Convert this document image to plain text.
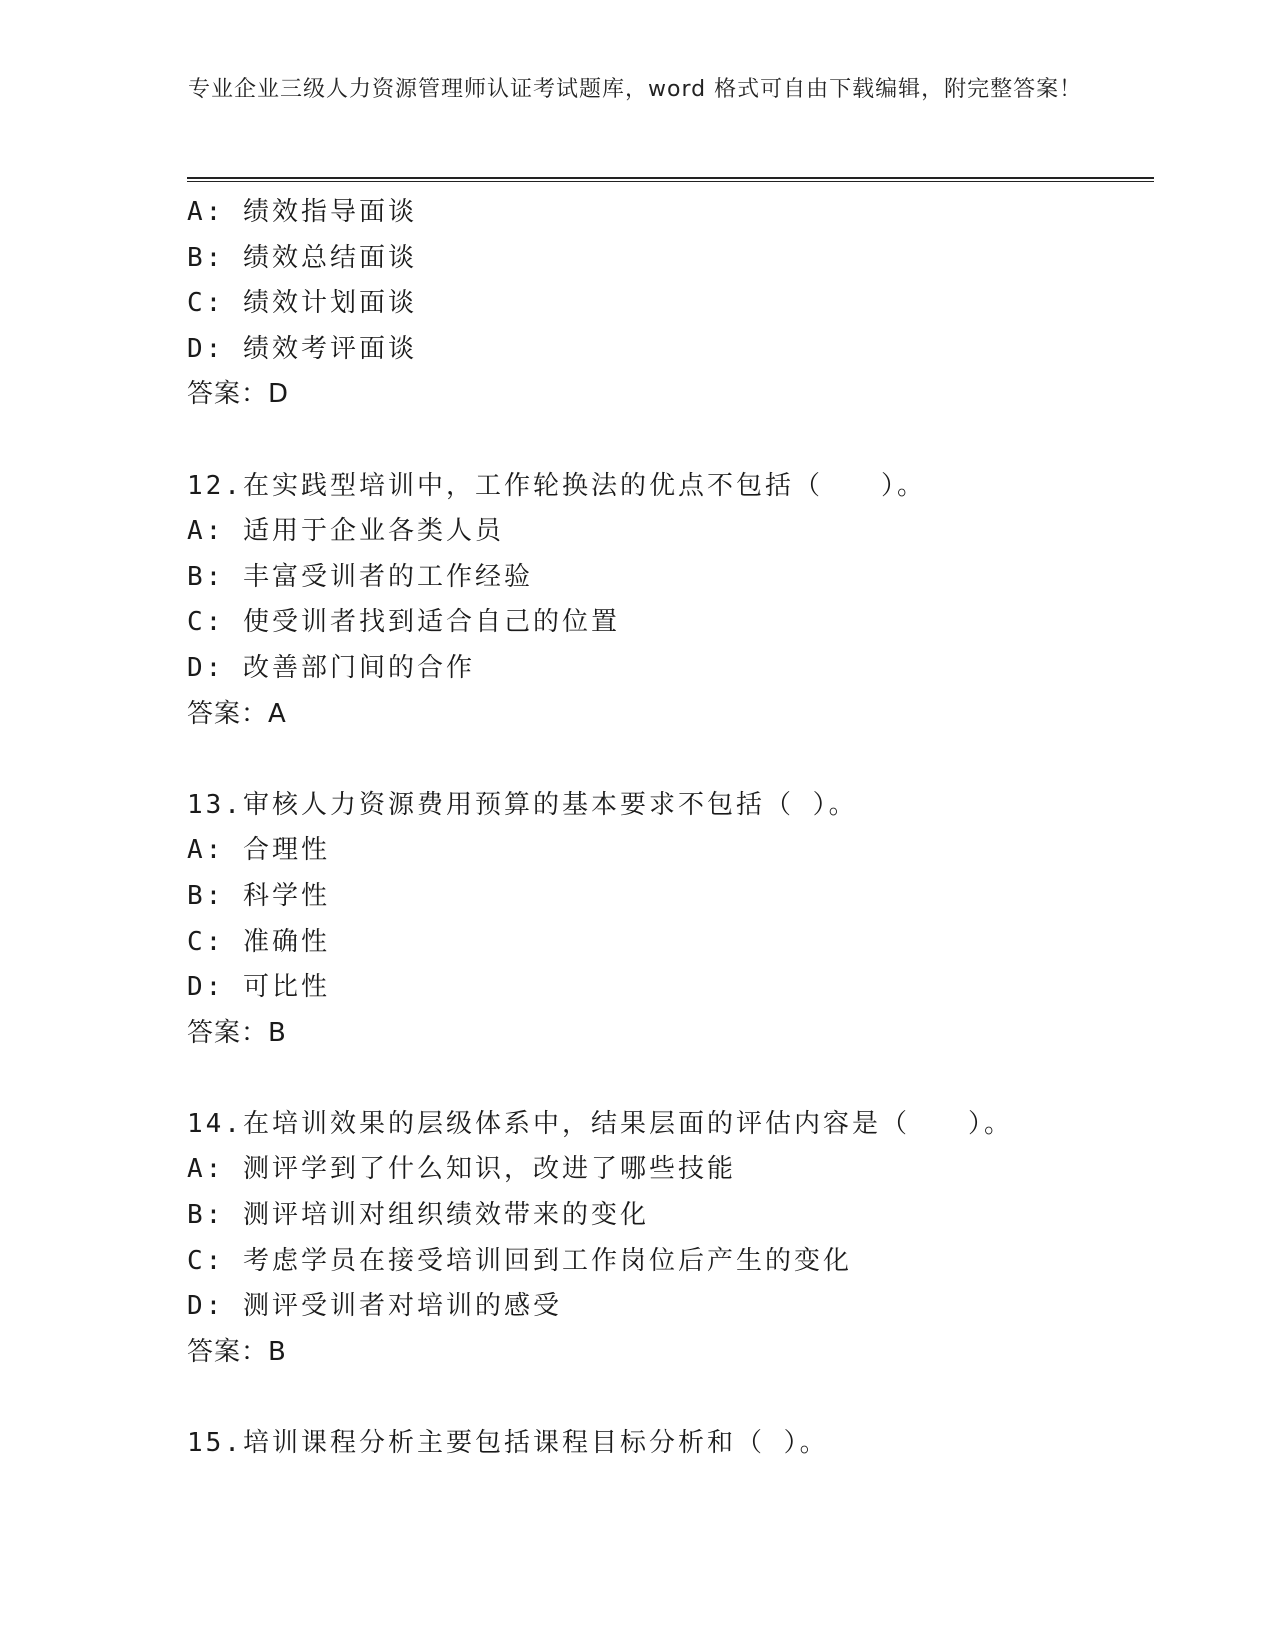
专业企业三级人力资源管理师认证考试题库，word 格式可自由下载编辑，附完整答案！
A: 绩效指导面谈
B: 绩效总结面谈
C: 绩效计划面谈
D: 绩效考评面谈
答案：D
12.在实践型培训中，工作轮换法的优点不包括（　　）。
A: 适用于企业各类人员
B: 丰富受训者的工作经验
C: 使受训者找到适合自己的位置
D: 改善部门间的合作
答案：A
13.审核人力资源费用预算的基本要求不包括（ ）。
A: 合理性
B: 科学性
C: 准确性
D: 可比性
答案：B
14.在培训效果的层级体系中，结果层面的评估内容是（　　）。
A: 测评学到了什么知识，改进了哪些技能
B: 测评培训对组织绩效带来的变化
C: 考虑学员在接受培训回到工作岗位后产生的变化
D: 测评受训者对培训的感受
答案：B
15.培训课程分析主要包括课程目标分析和（ ）。
